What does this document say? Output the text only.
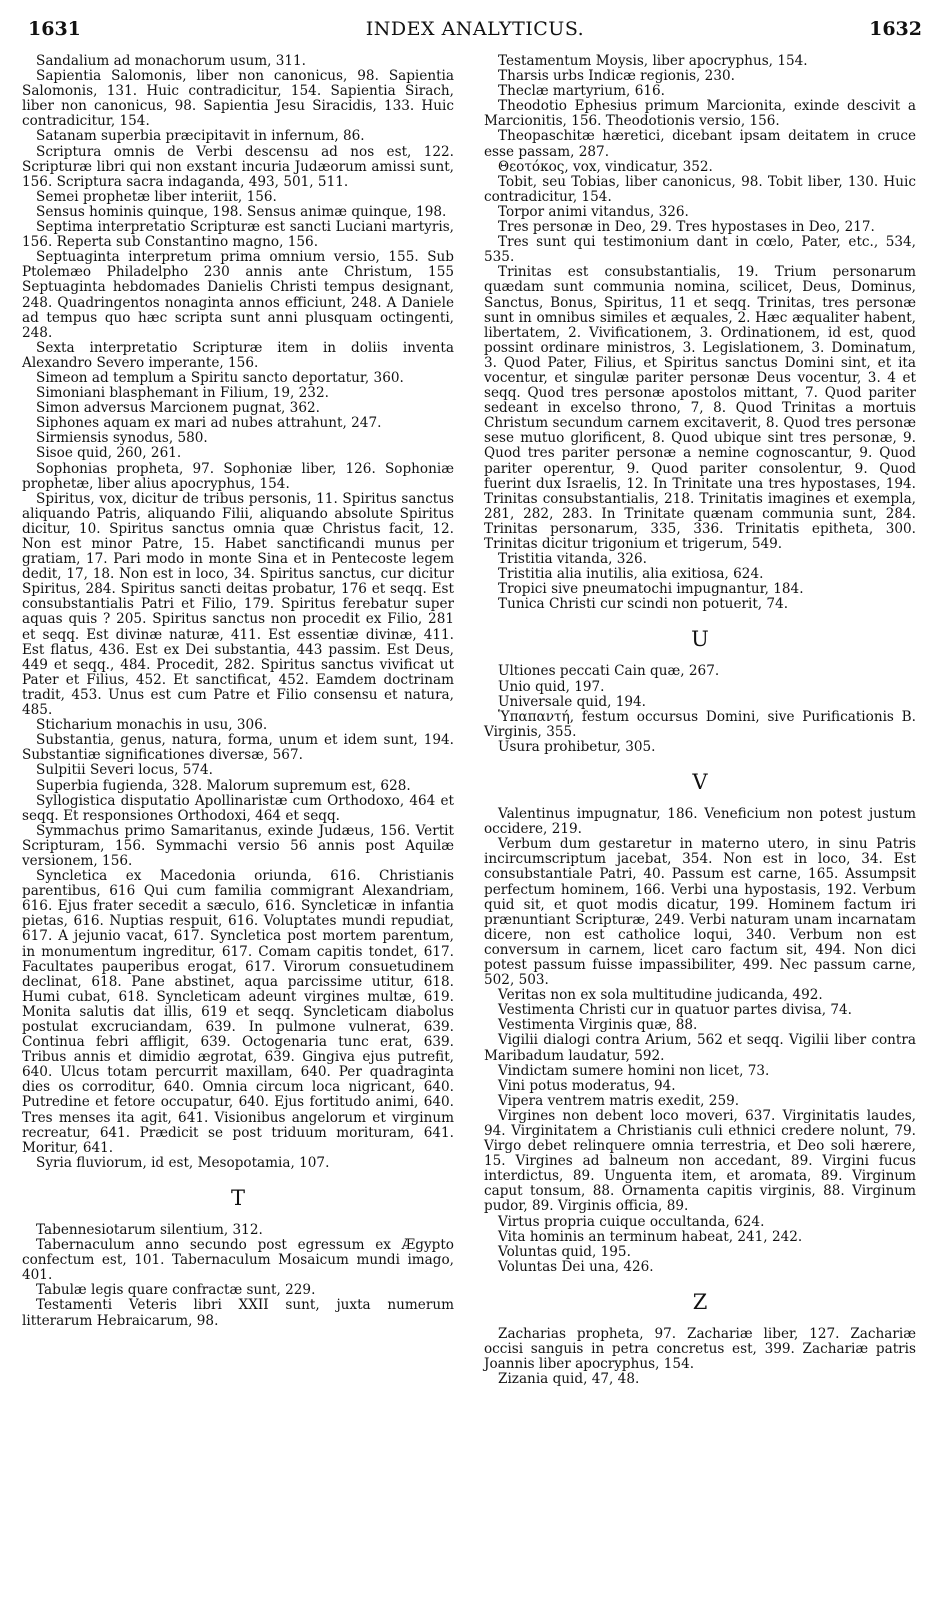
1631	INDEX ANALYTICUS.	1632

Sandalium ad monachorum usum, 311.

Sapientia Salomonis, liber non canonicus, 98. Sapientia Salomonis, 131. Huic contradicitur, 154. Sapientia Sirach, liber non canonicus, 98. Sapientia Jesu Siracidis, 133. Huic contradicitur, 154.

Satanam superbia præcipitavit in infernum, 86.

Scriptura omnis de Verbi descensu ad nos est, 122. Scripturæ libri qui non exstant incuria Judæorum amissi sunt, 156. Scriptura sacra indaganda, 493, 501, 511.

Semei prophetæ liber interiit, 156.

Sensus hominis quinque, 198. Sensus animæ quinque, 198.

Septima interpretatio Scripturæ est sancti Luciani martyris, 156. Reperta sub Constantino magno, 156.

Septuaginta interpretum prima omnium versio, 155. Sub Ptolemæo Philadelpho 230 annis ante Christum, 155 Septuaginta hebdomades Danielis Christi tempus designant, 248. Quadringentos nonaginta annos efficiunt, 248. A Daniele ad tempus quo hæc scripta sunt anni plusquam octingenti, 248.

Sexta interpretatio Scripturæ item in doliis inventa Alexandro Severo imperante, 156.

Simeon ad templum a Spiritu sancto deportatur, 360.

Simoniani blasphemant in Filium, 19, 232.

Simon adversus Marcionem pugnat, 362.

Siphones aquam ex mari ad nubes attrahunt, 247.

Sirmiensis synodus, 580.

Sisoe quid, 260, 261.

Sophonias propheta, 97. Sophoniæ liber, 126. Sophoniæ prophetæ, liber alius apocryphus, 154.

Spiritus, vox, dicitur de tribus personis, 11. Spiritus sanctus aliquando Patris, aliquando Filii, aliquando absolute Spiritus dicitur, 10. Spiritus sanctus omnia quæ Christus facit, 12. Non est minor Patre, 15. Habet sanctificandi munus per gratiam, 17. Pari modo in monte Sina et in Pentecoste legem dedit, 17, 18. Non est in loco, 34. Spiritus sanctus, cur dicitur Spiritus, 284. Spiritus sancti deitas probatur, 176 et seqq. Est consubstantialis Patri et Filio, 179. Spiritus ferebatur super aquas quis ? 205. Spiritus sanctus non procedit ex Filio, 281 et seqq. Est divinæ naturæ, 411. Est essentiæ divinæ, 411. Est flatus, 436. Est ex Dei substantia, 443 passim. Est Deus, 449 et seqq., 484. Procedit, 282. Spiritus sanctus vivificat ut Pater et Filius, 452. Et sanctificat, 452. Eamdem doctrinam tradit, 453. Unus est cum Patre et Filio consensu et natura, 485.

Sticharium monachis in usu, 306.

Substantia, genus, natura, forma, unum et idem sunt, 194. Substantiæ significationes diversæ, 567.

Sulpitii Severi locus, 574.

Superbia fugienda, 328. Malorum supremum est, 628.

Syllogistica disputatio Apollinaristæ cum Orthodoxo, 464 et seqq. Et responsiones Orthodoxi, 464 et seqq.

Symmachus primo Samaritanus, exinde Judæus, 156. Vertit Scripturam, 156. Symmachi versio 56 annis post Aquilæ versionem, 156.

Syncletica ex Macedonia oriunda, 616. Christianis parentibus, 616 Qui cum familia commigrant Alexandriam, 616. Ejus frater secedit a sæculo, 616. Syncleticæ in infantia pietas, 616. Nuptias respuit, 616. Voluptates mundi repudiat, 617. A jejunio vacat, 617. Syncletica post mortem parentum, in monumentum ingreditur, 617. Comam capitis tondet, 617. Facultates pauperibus erogat, 617. Virorum consuetudinem declinat, 618. Pane abstinet, aqua parcissime utitur, 618. Humi cubat, 618. Syncleticam adeunt virgines multæ, 619. Monita salutis dat illis, 619 et seqq. Syncleticam diabolus postulat excruciandam, 639. In pulmone vulnerat, 639. Continua febri affligit, 639. Octogenaria tunc erat, 639. Tribus annis et dimidio ægrotat, 639. Gingiva ejus putrefit, 640. Ulcus totam percurrit maxillam, 640. Per quadraginta dies os corroditur, 640. Omnia circum loca nigricant, 640. Putredine et fetore occupatur, 640. Ejus fortitudo animi, 640. Tres menses ita agit, 641. Visionibus angelorum et virginum recreatur, 641. Prædicit se post triduum morituram, 641. Moritur, 641.

Syria fluviorum, id est, Mesopotamia, 107.

T

Tabennesiotarum silentium, 312.

Tabernaculum anno secundo post egressum ex Ægypto confectum est, 101. Tabernaculum Mosaicum mundi imago, 401.

Tabulæ legis quare confractæ sunt, 229.

Testamenti Veteris libri XXII sunt, juxta numerum litterarum Hebraicarum, 98.

Testamentum Moysis, liber apocryphus, 154.

Tharsis urbs Indicæ regionis, 230.

Theclæ martyrium, 616.

Theodotio Ephesius primum Marcionita, exinde descivit a Marcionitis, 156. Theodotionis versio, 156.

Theopaschitæ hæretici, dicebant ipsam deitatem in cruce esse passam, 287.

Θεοτόκος, vox, vindicatur, 352.

Tobit, seu Tobias, liber canonicus, 98. Tobit liber, 130. Huic contradicitur, 154.

Torpor animi vitandus, 326.

Tres personæ in Deo, 29. Tres hypostases in Deo, 217.

Tres sunt qui testimonium dant in cœlo, Pater, etc., 534, 535.

Trinitas est consubstantialis, 19. Trium personarum quædam sunt communia nomina, scilicet, Deus, Dominus, Sanctus, Bonus, Spiritus, 11 et seqq. Trinitas, tres personæ sunt in omnibus similes et æquales, 2. Hæc æqualiter habent, libertatem, 2. Vivificationem, 3. Ordinationem, id est, quod possint ordinare ministros, 3. Legislationem, 3. Dominatum, 3. Quod Pater, Filius, et Spiritus sanctus Domini sint, et ita vocentur, et singulæ pariter personæ Deus vocentur, 3. 4 et seqq. Quod tres personæ apostolos mittant, 7. Quod pariter sedeant in excelso throno, 7, 8. Quod Trinitas a mortuis Christum secundum carnem excitaverit, 8. Quod tres personæ sese mutuo glorificent, 8. Quod ubique sint tres personæ, 9. Quod tres pariter personæ a nemine cognoscantur, 9. Quod pariter operentur, 9. Quod pariter consolentur, 9. Quod fuerint dux Israelis, 12. In Trinitate una tres hypostases, 194. Trinitas consubstantialis, 218. Trinitatis imagines et exempla, 281, 282, 283. In Trinitate quænam communia sunt, 284. Trinitas personarum, 335, 336. Trinitatis epitheta, 300. Trinitas dicitur trigonium et trigerum, 549.

Tristitia vitanda, 326.

Tristitia alia inutilis, alia exitiosa, 624.

Tropici sive pneumatochi impugnantur, 184.

Tunica Christi cur scindi non potuerit, 74.

U

Ultiones peccati Cain quæ, 267.

Unio quid, 197.

Universale quid, 194.

Ὑπαπαντή, festum occursus Domini, sive Purificationis B. Virginis, 355.

Usura prohibetur, 305.

V

Valentinus impugnatur, 186. Veneficium non potest justum occidere, 219.

Verbum dum gestaretur in materno utero, in sinu Patris incircumscriptum jacebat, 354. Non est in loco, 34. Est consubstantiale Patri, 40. Passum est carne, 165. Assumpsit perfectum hominem, 166. Verbi una hypostasis, 192. Verbum quid sit, et quot modis dicatur, 199. Hominem factum iri prænuntiant Scripturæ, 249. Verbi naturam unam incarnatam dicere, non est catholice loqui, 340. Verbum non est conversum in carnem, licet caro factum sit, 494. Non dici potest passum fuisse impassibiliter, 499. Nec passum carne, 502, 503.

Veritas non ex sola multitudine judicanda, 492.

Vestimenta Christi cur in quatuor partes divisa, 74.

Vestimenta Virginis quæ, 88.

Vigilii dialogi contra Arium, 562 et seqq. Vigilii liber contra Maribadum laudatur, 592.

Vindictam sumere homini non licet, 73.

Vini potus moderatus, 94.

Vipera ventrem matris exedit, 259.

Virgines non debent loco moveri, 637. Virginitatis laudes, 94. Virginitatem a Christianis culi ethnici credere nolunt, 79. Virgo debet relinquere omnia terrestria, et Deo soli hærere, 15. Virgines ad balneum non accedant, 89. Virgini fucus interdictus, 89. Unguenta item, et aromata, 89. Virginum caput tonsum, 88. Ornamenta capitis virginis, 88. Virginum pudor, 89. Virginis officia, 89.

Virtus propria cuique occultanda, 624.

Vita hominis an terminum habeat, 241, 242.

Voluntas quid, 195.

Voluntas Dei una, 426.

Z

Zacharias propheta, 97. Zachariæ liber, 127. Zachariæ occisi sanguis in petra concretus est, 399. Zachariæ patris Joannis liber apocryphus, 154.

Zizania quid, 47, 48.
